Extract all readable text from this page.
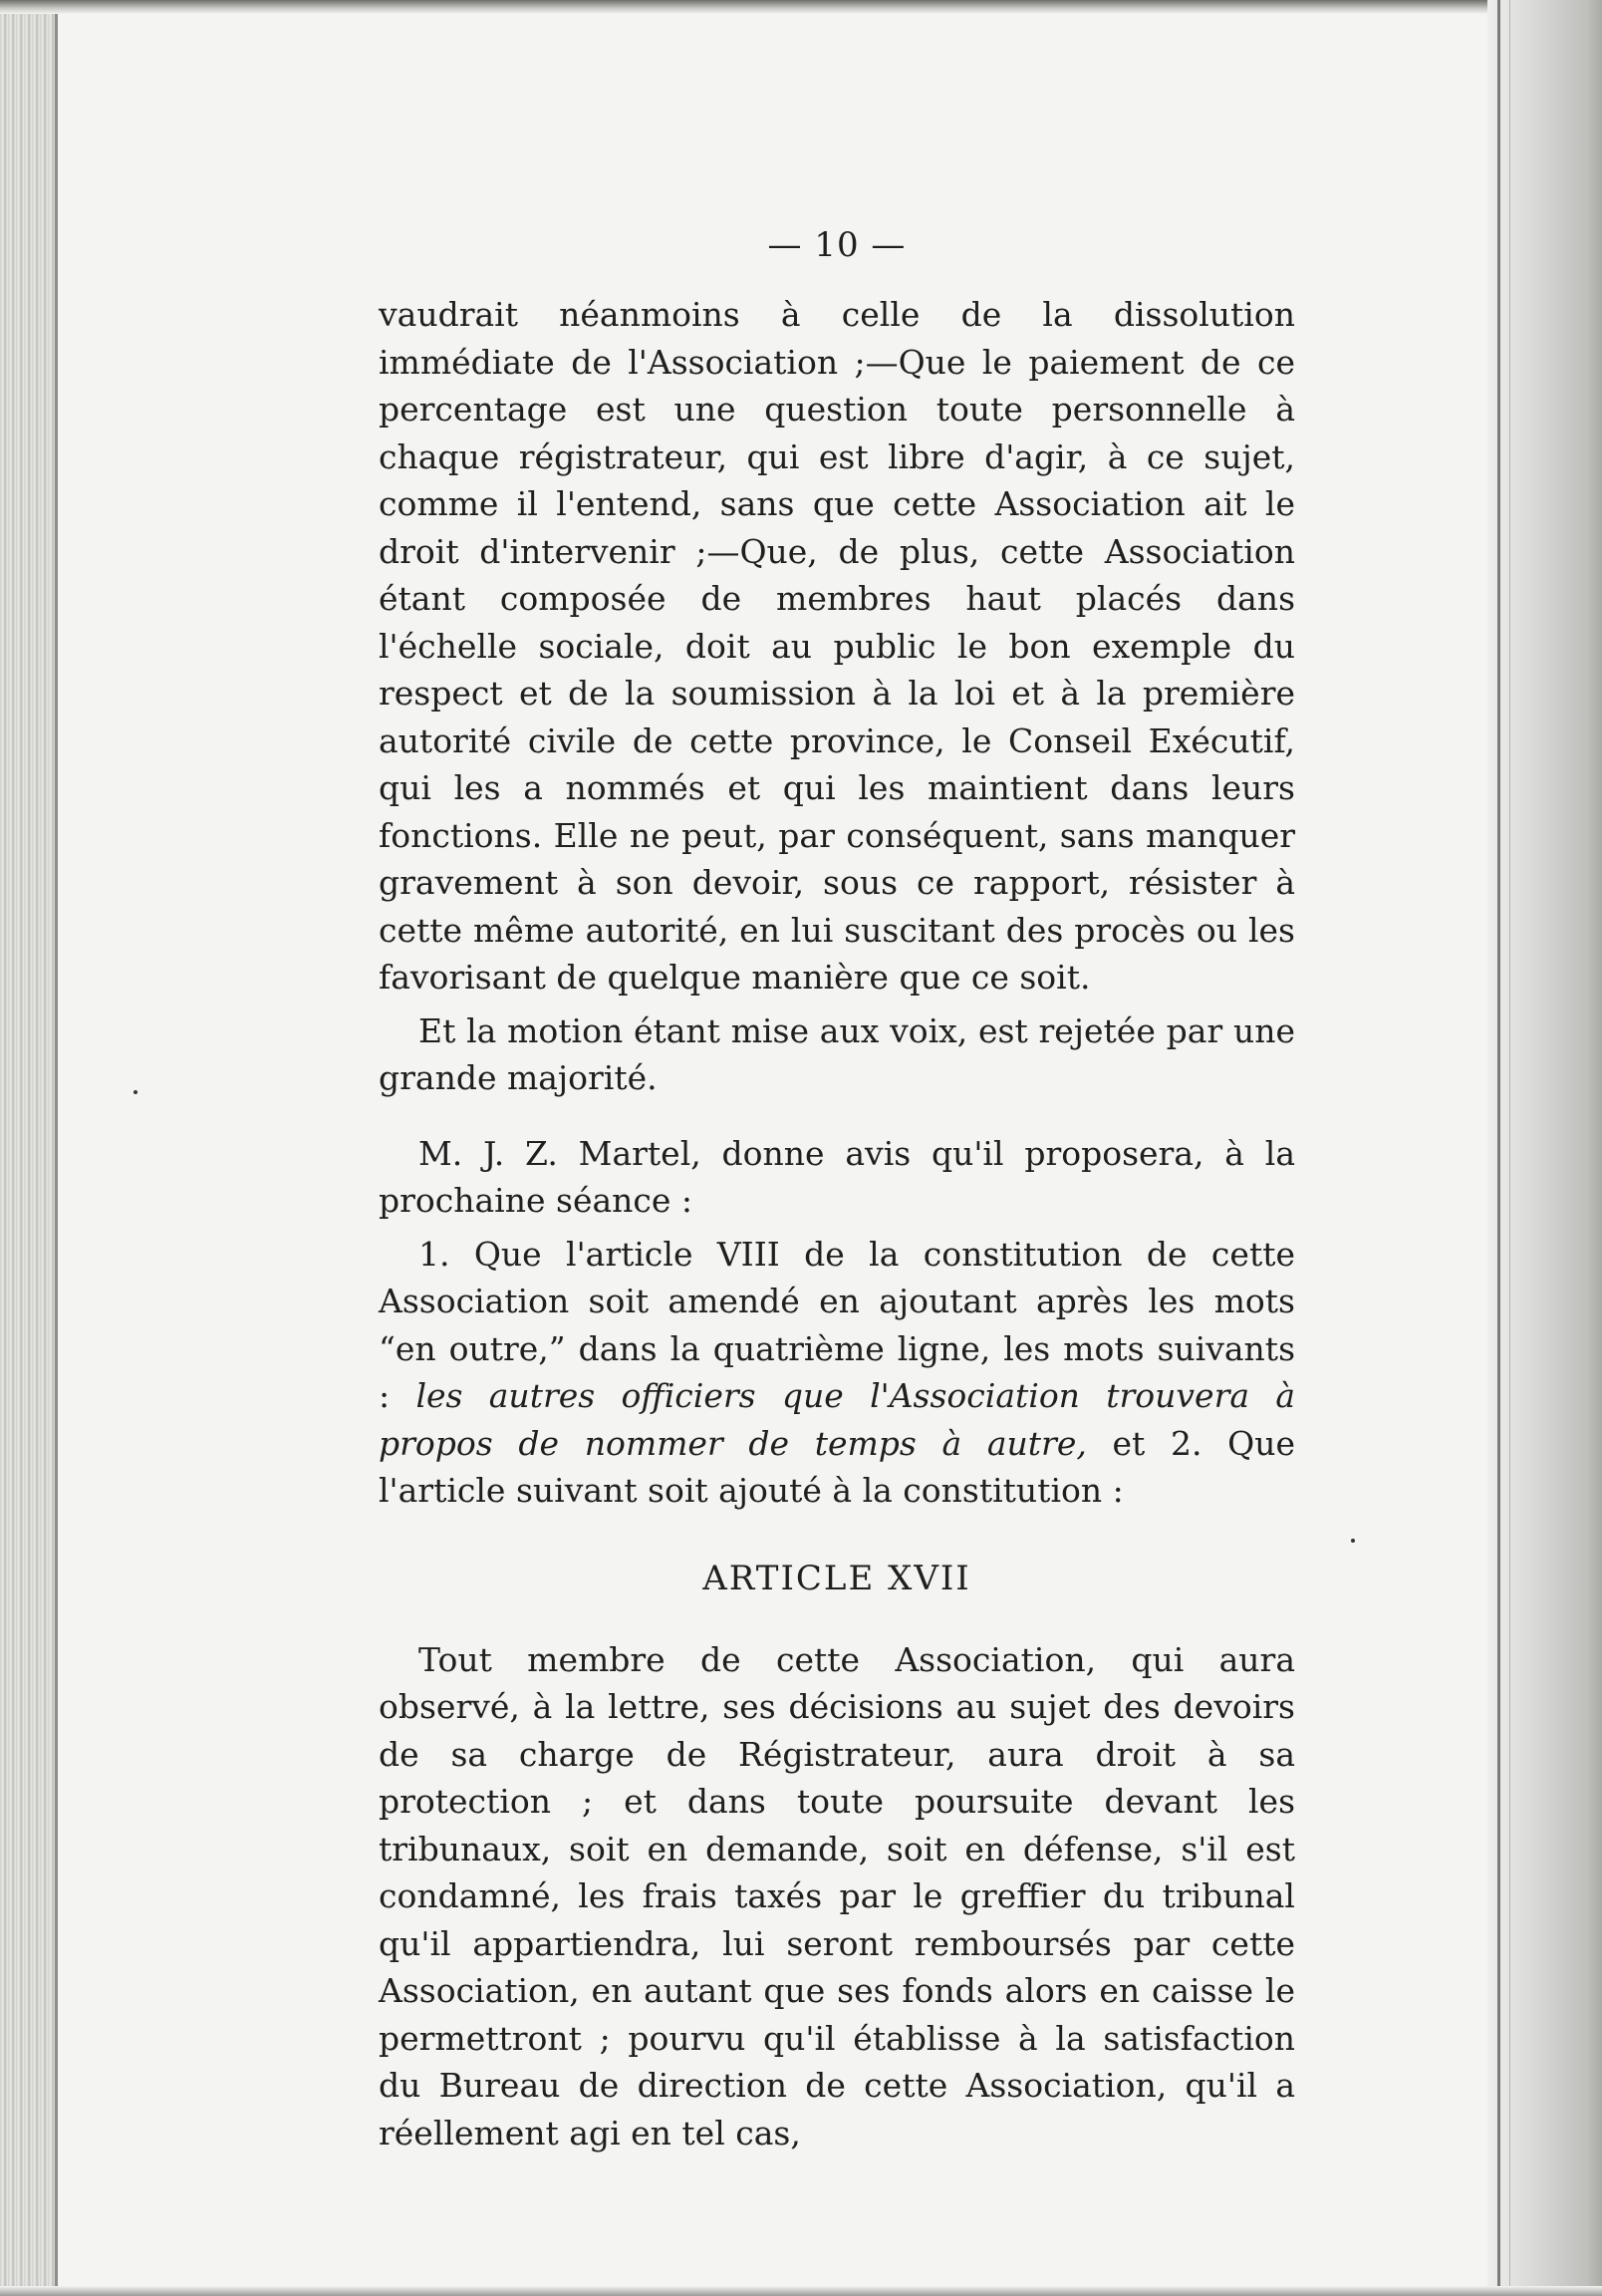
— 10 —

vaudrait néanmoins à celle de la dissolution immédiate de l'Association ;—Que le paiement de ce percentage est une question toute personnelle à chaque régistrateur, qui est libre d'agir, à ce sujet, comme il l'entend, sans que cette Association ait le droit d'intervenir ;—Que, de plus, cette Association étant composée de membres haut placés dans l'échelle sociale, doit au public le bon exemple du respect et de la soumission à la loi et à la première autorité civile de cette province, le Conseil Exécutif, qui les a nommés et qui les maintient dans leurs fonctions. Elle ne peut, par conséquent, sans manquer gravement à son devoir, sous ce rapport, résister à cette même autorité, en lui suscitant des procès ou les favorisant de quelque manière que ce soit.

Et la motion étant mise aux voix, est rejetée par une grande majorité.

M. J. Z. Martel, donne avis qu'il proposera, à la prochaine séance :

1. Que l'article VIII de la constitution de cette Association soit amendé en ajoutant après les mots “en outre,” dans la quatrième ligne, les mots suivants : les autres officiers que l'Association trouvera à propos de nommer de temps à autre, et 2. Que l'article suivant soit ajouté à la constitution :

ARTICLE XVII

Tout membre de cette Association, qui aura observé, à la lettre, ses décisions au sujet des devoirs de sa charge de Régistrateur, aura droit à sa protection ; et dans toute poursuite devant les tribunaux, soit en demande, soit en défense, s'il est condamné, les frais taxés par le greffier du tribunal qu'il appartiendra, lui seront remboursés par cette Association, en autant que ses fonds alors en caisse le permettront ; pourvu qu'il établisse à la satisfaction du Bureau de direction de cette Association, qu'il a réellement agi en tel cas,
